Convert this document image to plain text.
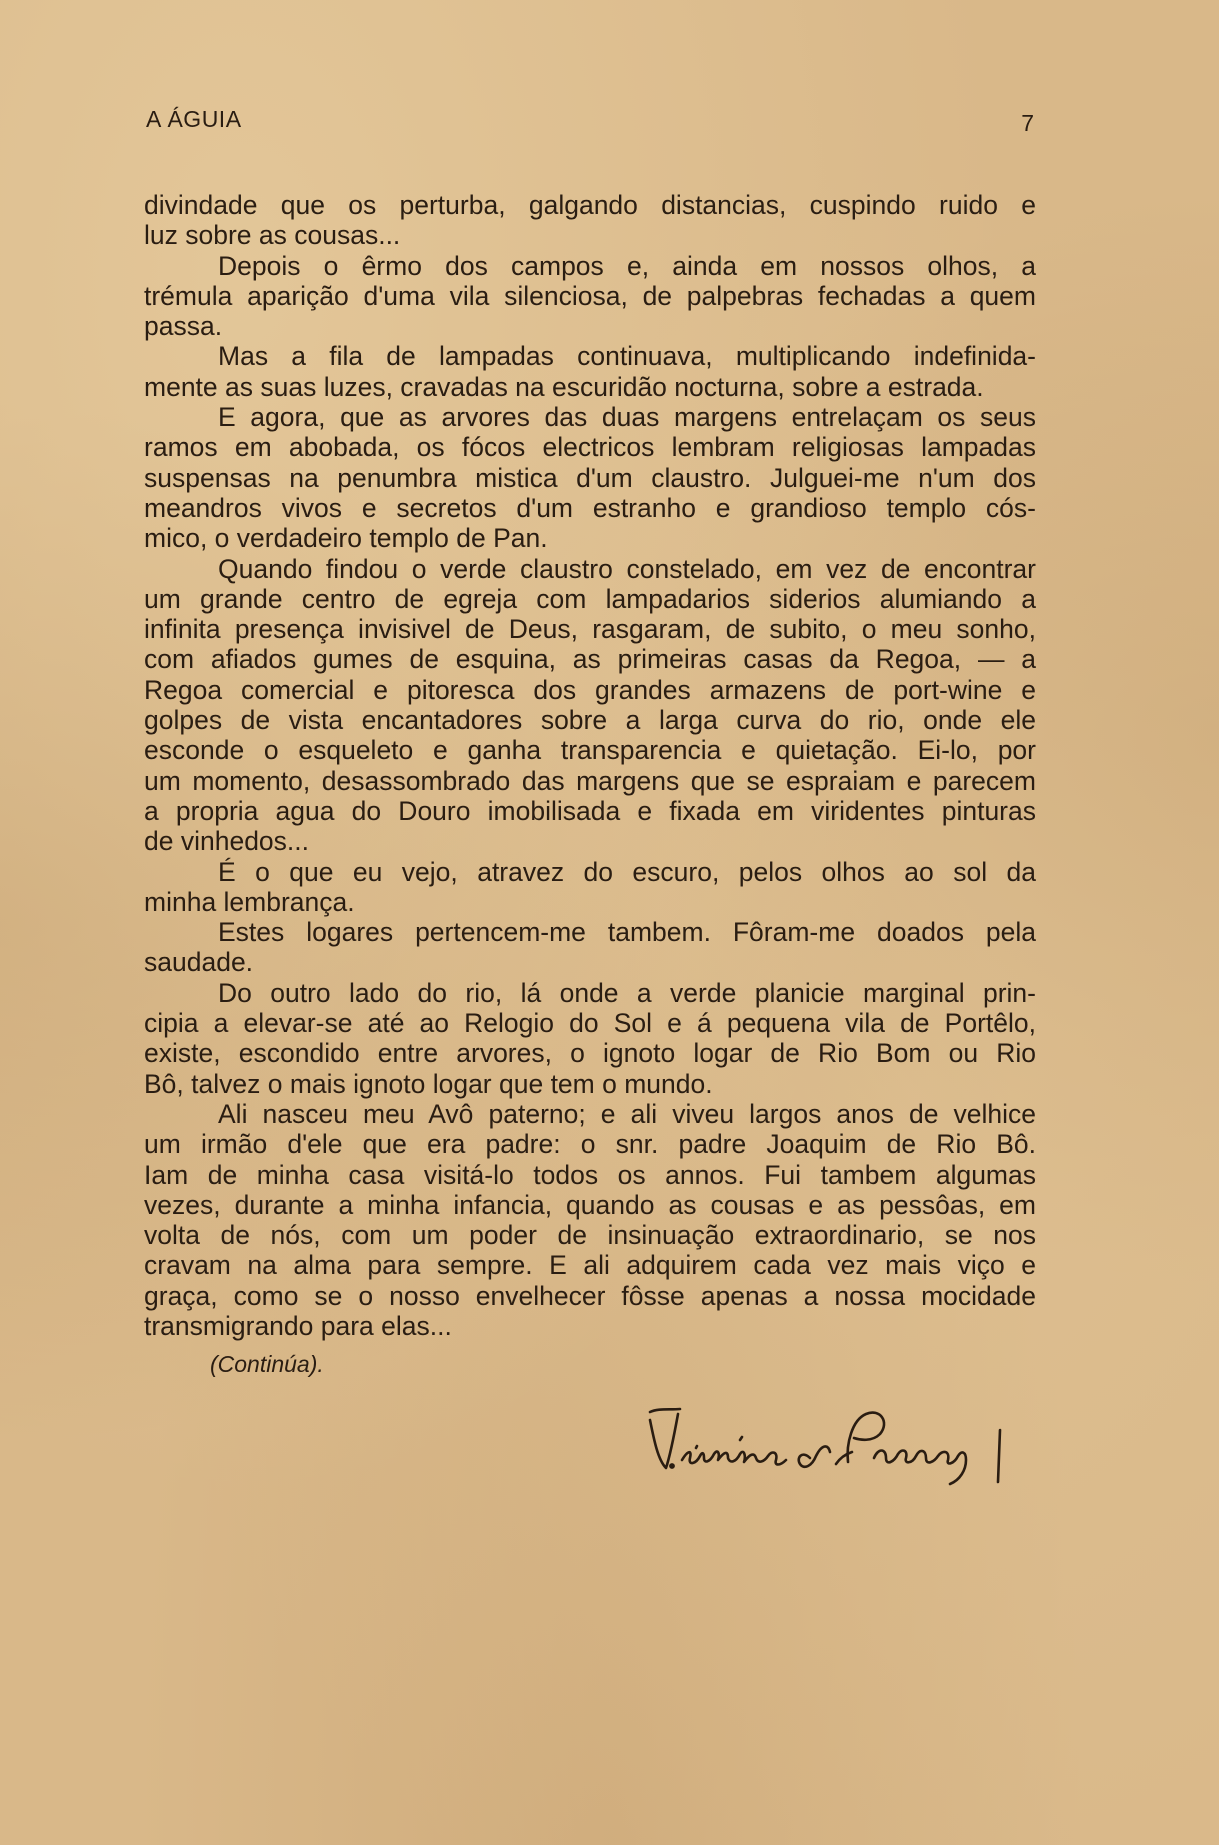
A ÁGUIA	7
divindade que os perturba, galgando distancias, cuspindo ruido e
luz sobre as cousas...
Depois o êrmo dos campos e, ainda em nossos olhos, a
trémula aparição d'uma vila silenciosa, de palpebras fechadas a quem
passa.
Mas a fila de lampadas continuava, multiplicando indefinida-
mente as suas luzes, cravadas na escuridão nocturna, sobre a estrada.
E agora, que as arvores das duas margens entrelaçam os seus
ramos em abobada, os fócos electricos lembram religiosas lampadas
suspensas na penumbra mistica d'um claustro. Julguei-me n'um dos
meandros vivos e secretos d'um estranho e grandioso templo cós-
mico, o verdadeiro templo de Pan.
Quando findou o verde claustro constelado, em vez de encontrar
um grande centro de egreja com lampadarios siderios alumiando a
infinita presença invisivel de Deus, rasgaram, de subito, o meu sonho,
com afiados gumes de esquina, as primeiras casas da Regoa, — a
Regoa comercial e pitoresca dos grandes armazens de port-wine e
golpes de vista encantadores sobre a larga curva do rio, onde ele
esconde o esqueleto e ganha transparencia e quietação. Ei-lo, por
um momento, desassombrado das margens que se espraiam e parecem
a propria agua do Douro imobilisada e fixada em viridentes pinturas
de vinhedos...
É o que eu vejo, atravez do escuro, pelos olhos ao sol da
minha lembrança.
Estes logares pertencem-me tambem. Fôram-me doados pela
saudade.
Do outro lado do rio, lá onde a verde planicie marginal prin-
cipia a elevar-se até ao Relogio do Sol e á pequena vila de Portêlo,
existe, escondido entre arvores, o ignoto logar de Rio Bom ou Rio
Bô, talvez o mais ignoto logar que tem o mundo.
Ali nasceu meu Avô paterno; e ali viveu largos anos de velhice
um irmão d'ele que era padre: o snr. padre Joaquim de Rio Bô.
Iam de minha casa visitá-lo todos os annos. Fui tambem algumas
vezes, durante a minha infancia, quando as cousas e as pessôas, em
volta de nós, com um poder de insinuação extraordinario, se nos
cravam na alma para sempre. E ali adquirem cada vez mais viço e
graça, como se o nosso envelhecer fôsse apenas a nossa mocidade
transmigrando para elas...
(Continúa).
